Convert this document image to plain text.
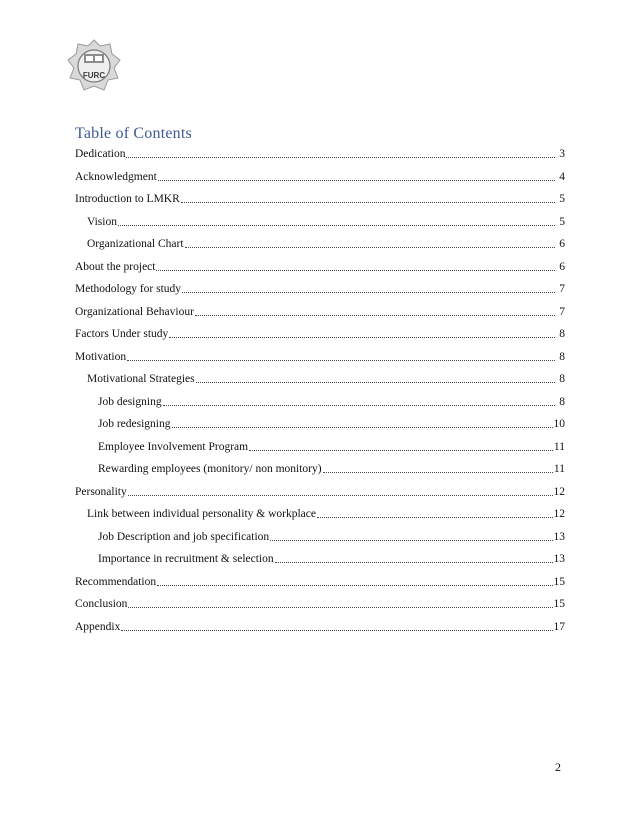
FURC
Table of Contents
Dedication	3
Acknowledgment	4
Introduction to LMKR	5
Vision	5
Organizational Chart	6
About the project	6
Methodology for study	7
Organizational Behaviour	7
Factors Under study	8
Motivation	8
Motivational Strategies	8
Job designing	8
Job redesigning	10
Employee Involvement Program	11
Rewarding employees (monitory/ non monitory)	11
Personality	12
Link between individual personality & workplace	12
Job Description and job specification	13
Importance in recruitment & selection	13
Recommendation	15
Conclusion	15
Appendix	17
2
